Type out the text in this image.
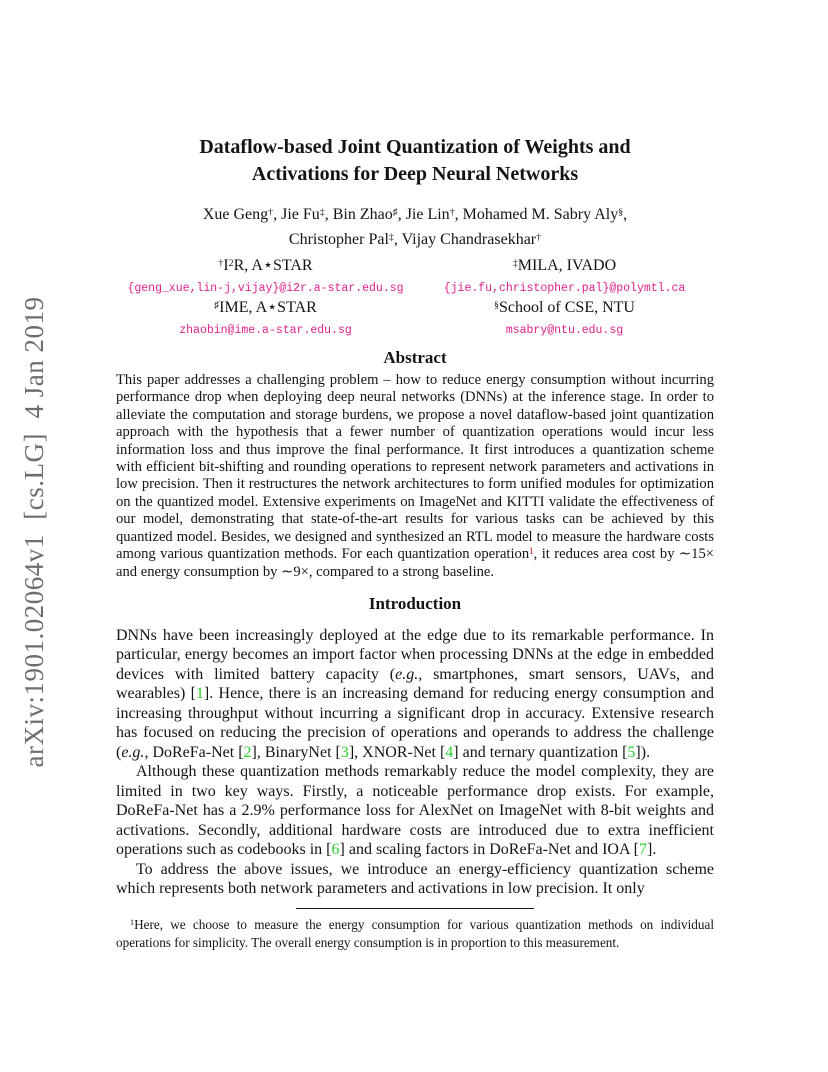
arXiv:1901.02064v1  [cs.LG]  4 Jan 2019
Dataflow-based Joint Quantization of Weights and
Activations for Deep Neural Networks
Xue Geng†, Jie Fu‡, Bin Zhao♯, Jie Lin†, Mohamed M. Sabry Aly§,
Christopher Pal‡, Vijay Chandrasekhar†
$^\dagger I^2R$, A⋆STAR	‡MILA, IVADO
{geng_xue,lin-j,vijay}@i2r.a-star.edu.sg	{jie.fu,christopher.pal}@polymtl.ca
♯IME, A⋆STAR	§School of CSE, NTU
zhaobin@ime.a-star.edu.sg	msabry@ntu.edu.sg
Abstract

This paper addresses a challenging problem – how to reduce energy consumption without incurring performance drop when deploying deep neural networks (DNNs) at the inference stage. In order to alleviate the computation and storage burdens, we propose a novel dataflow-based joint quantization approach with the hypothesis that a fewer number of quantization operations would incur less information loss and thus improve the final performance. It first introduces a quantization scheme with efficient bit-shifting and rounding operations to represent network parameters and activations in low precision. Then it restructures the network architectures to form unified modules for optimization on the quantized model. Extensive experiments on ImageNet and KITTI validate the effectiveness of our model, demonstrating that state-of-the-art results for various tasks can be achieved by this quantized model. Besides, we designed and synthesized an RTL model to measure the hardware costs among various quantization methods. For each quantization operation$^1$, it reduces area cost by ∼15× and energy consumption by ∼9×, compared to a strong baseline.

Introduction

DNNs have been increasingly deployed at the edge due to its remarkable performance. In particular, energy becomes an import factor when processing DNNs at the edge in embedded devices with limited battery capacity (e.g., smartphones, smart sensors, UAVs, and wearables) [1]. Hence, there is an increasing demand for reducing energy consumption and increasing throughput without incurring a significant drop in accuracy. Extensive research has focused on reducing the precision of operations and operands to address the challenge (e.g., DoReFa-Net [2], BinaryNet [3], XNOR-Net [4] and ternary quantization [5]).

Although these quantization methods remarkably reduce the model complexity, they are limited in two key ways. Firstly, a noticeable performance drop exists. For example, DoReFa-Net has a 2.9% performance loss for AlexNet on ImageNet with 8-bit weights and activations. Secondly, additional hardware costs are introduced due to extra inefficient operations such as codebooks in [6] and scaling factors in DoReFa-Net and IOA [7].

To address the above issues, we introduce an energy-efficiency quantization scheme which represents both network parameters and activations in low precision. It only

$^1$Here, we choose to measure the energy consumption for various quantization methods on individual operations for simplicity. The overall energy consumption is in proportion to this measurement.
